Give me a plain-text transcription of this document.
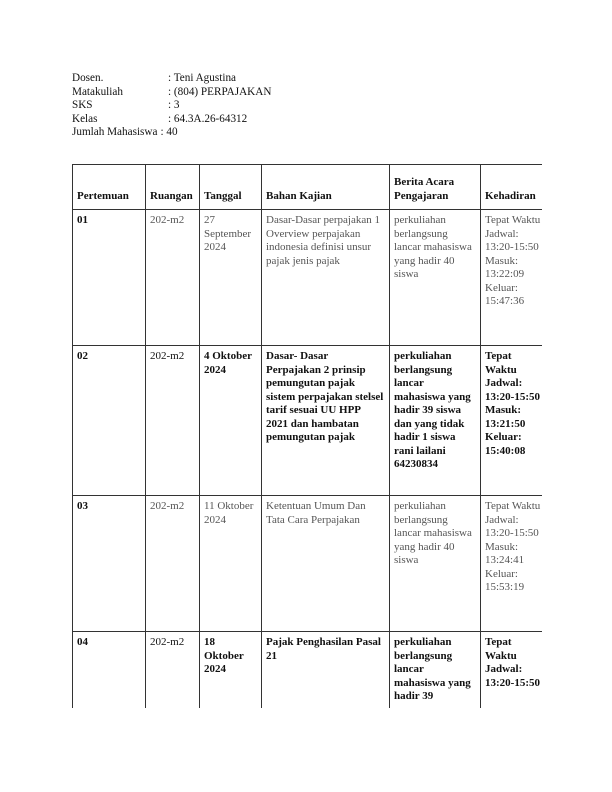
Dosen.	: Teni Agustina
Matakuliah	: (804) PERPAJAKAN
SKS	: 3
Kelas	: 64.3A.26-64312
Jumlah Mahasiswa : 40
Pertemuan	Ruangan	Tanggal	Bahan Kajian	Berita Acara Pengajaran	Kehadiran
01	202-m2	27 September 2024	Dasar-Dasar perpajakan 1 Overview perpajakan indonesia definisi unsur pajak jenis pajak	perkuliahan berlangsung lancar mahasiswa yang hadir 40 siswa	Tepat Waktu
Jadwal: 13:20-15:50
Masuk: 13:22:09
Keluar: 15:47:36

02	202-m2	4 Oktober 2024	Dasar- Dasar Perpajakan 2 prinsip pemungutan pajak sistem perpajakan stelsel tarif sesuai UU HPP 2021 dan hambatan pemungutan pajak	perkuliahan berlangsung lancar mahasiswa yang hadir 39 siswa dan yang tidak hadir 1 siswa rani lailani 64230834	Tepat Waktu
Jadwal: 13:20-15:50
Masuk: 13:21:50
Keluar: 15:40:08

03	202-m2	11 Oktober 2024	Ketentuan Umum Dan Tata Cara Perpajakan	perkuliahan berlangsung lancar mahasiswa yang hadir 40 siswa	Tepat Waktu
Jadwal: 13:20-15:50
Masuk: 13:24:41
Keluar: 15:53:19

04	202-m2	18 Oktober 2024	Pajak Penghasilan Pasal 21	perkuliahan berlangsung lancar mahasiswa yang hadir 39	Tepat Waktu
Jadwal: 13:20-15:50
